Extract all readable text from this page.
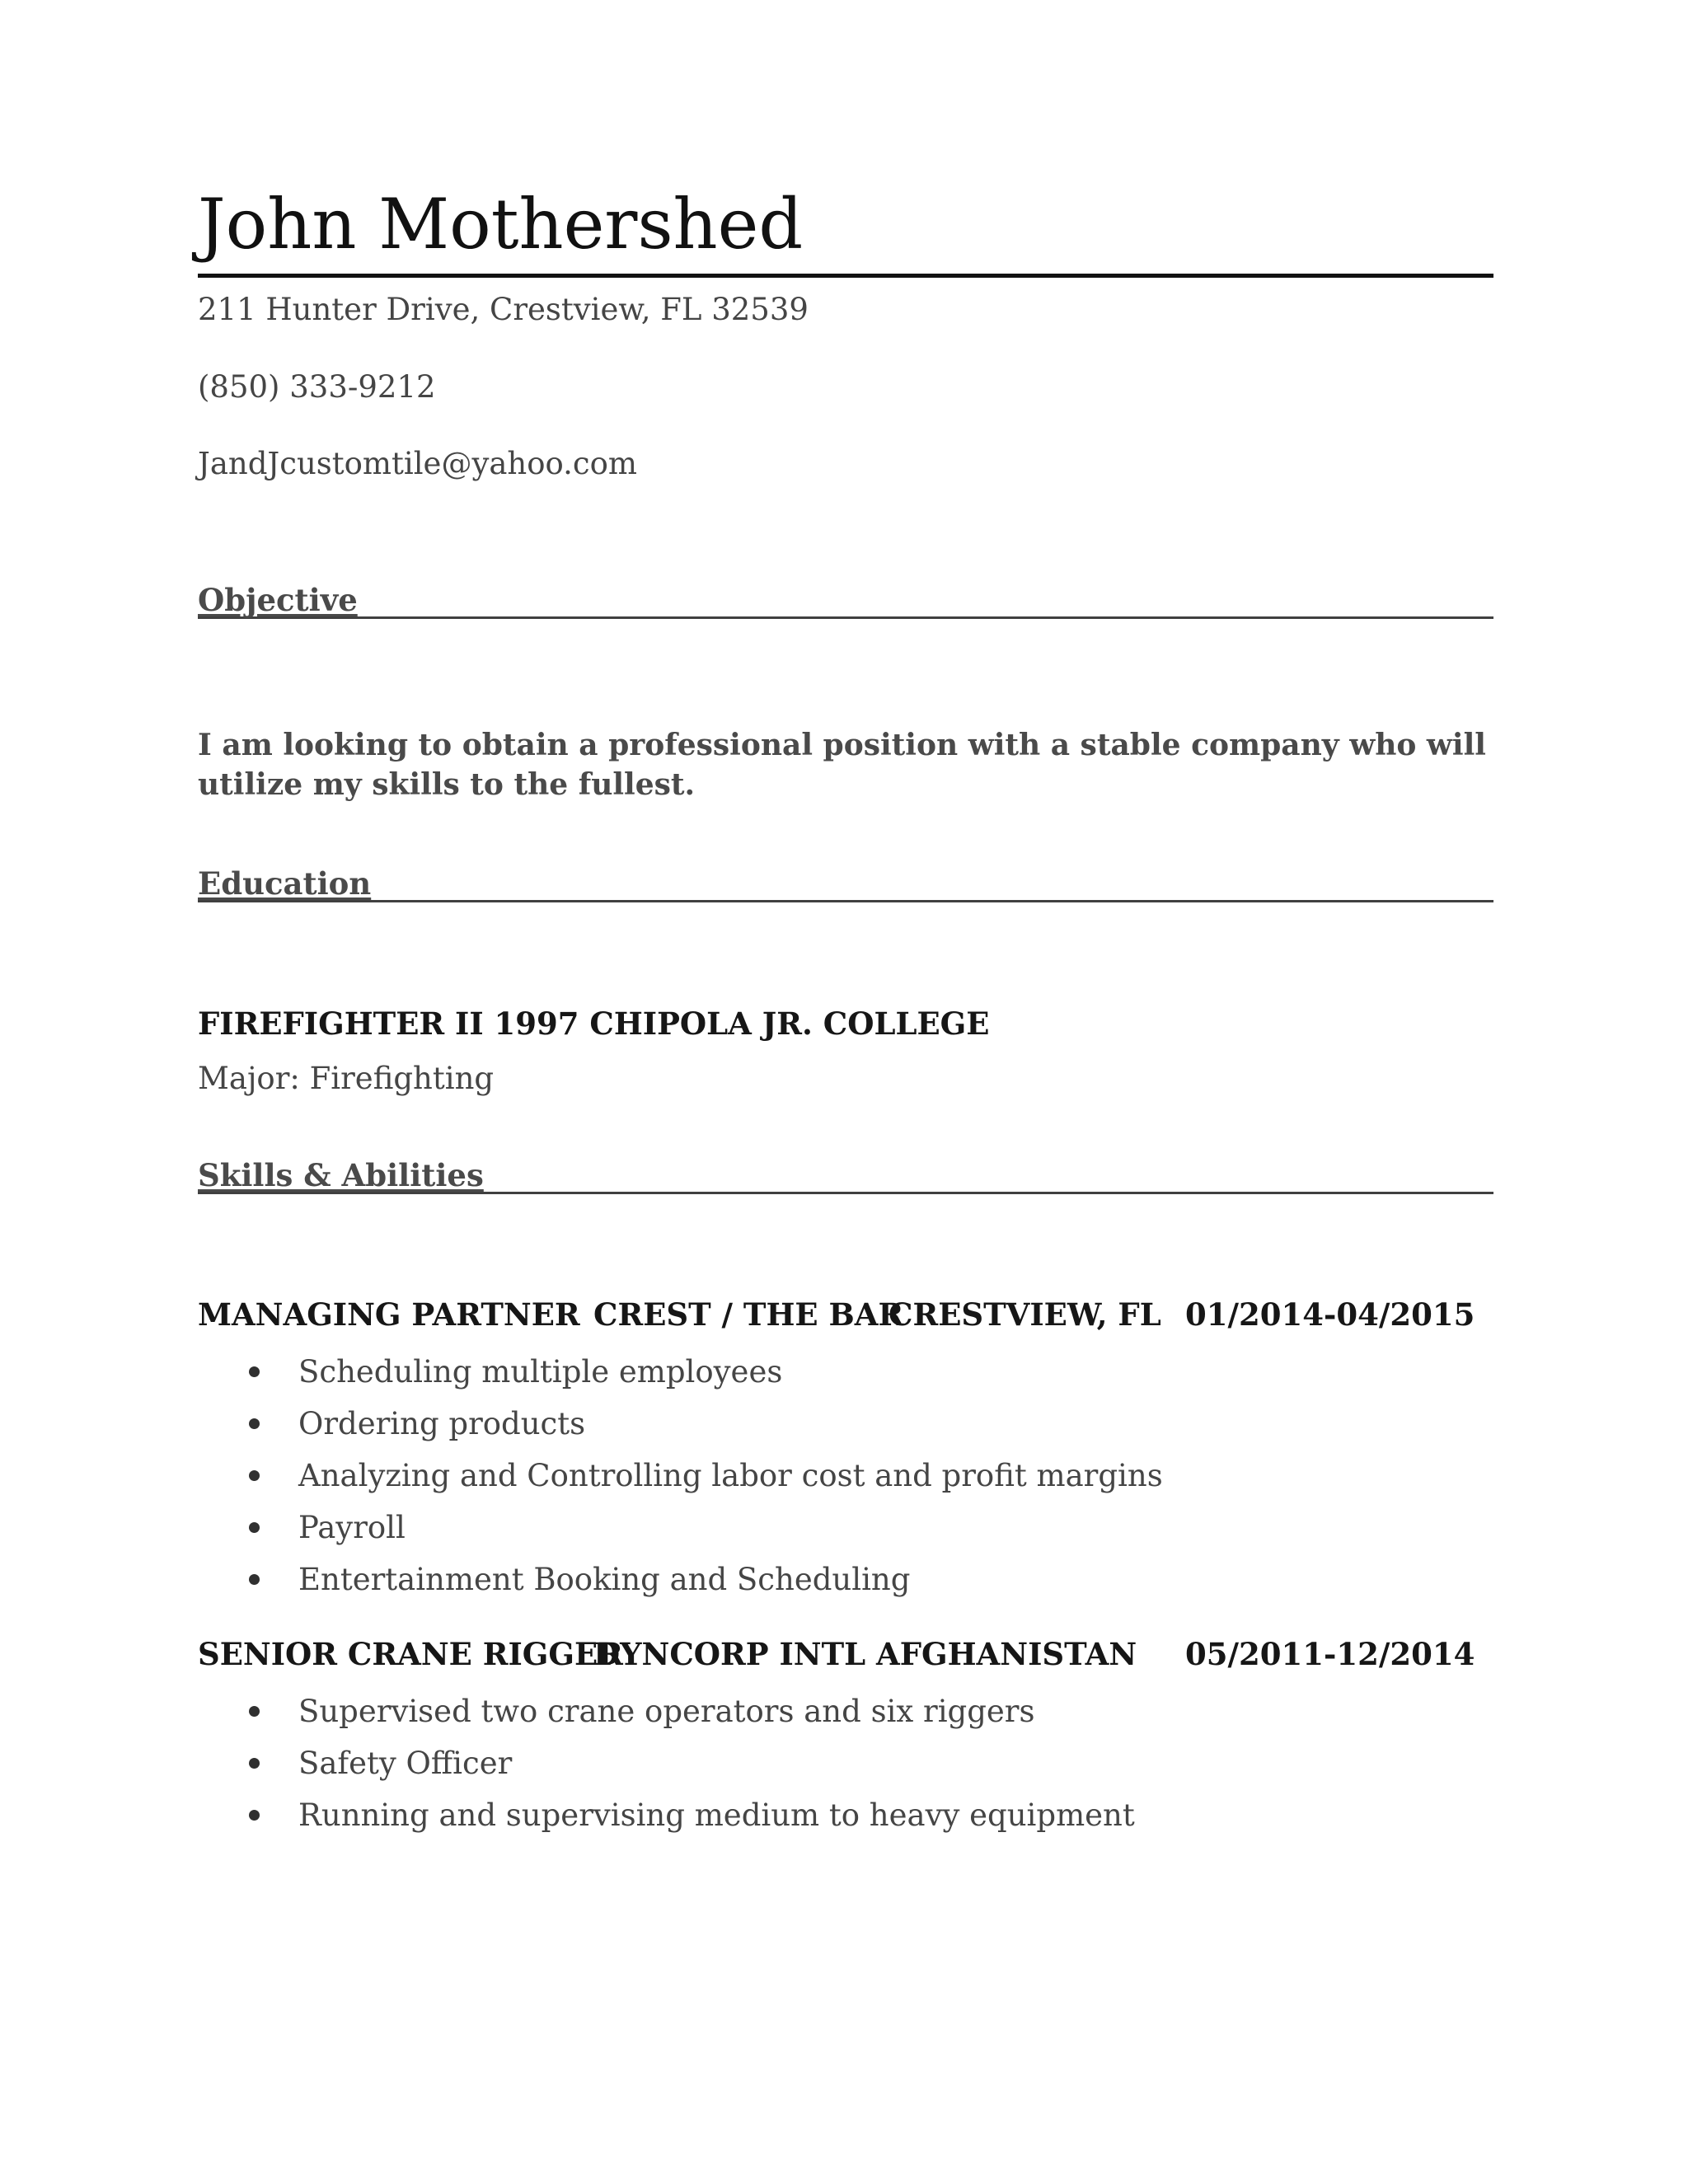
John Mothershed
211 Hunter Drive, Crestview, FL 32539
(850) 333-9212
JandJcustomtile@yahoo.com
Objective
I am looking to obtain a professional position with a stable company who will utilize my skills to the fullest.
Education
FIREFIGHTER II 1997 CHIPOLA JR. COLLEGE
Major: Firefighting
Skills & Abilities
MANAGING PARTNER CREST / THE BAR
CRESTVIEW, FL 01/2014-04/2015
Scheduling multiple employees
Ordering products
Analyzing and Controlling labor cost and profit margins
Payroll
Entertainment Booking and Scheduling
SENIOR CRANE RIGGER
DYNCORP INTL AFGHANISTAN 05/2011-12/2014
Supervised two crane operators and six riggers
Safety Officer
Running and supervising medium to heavy equipment
